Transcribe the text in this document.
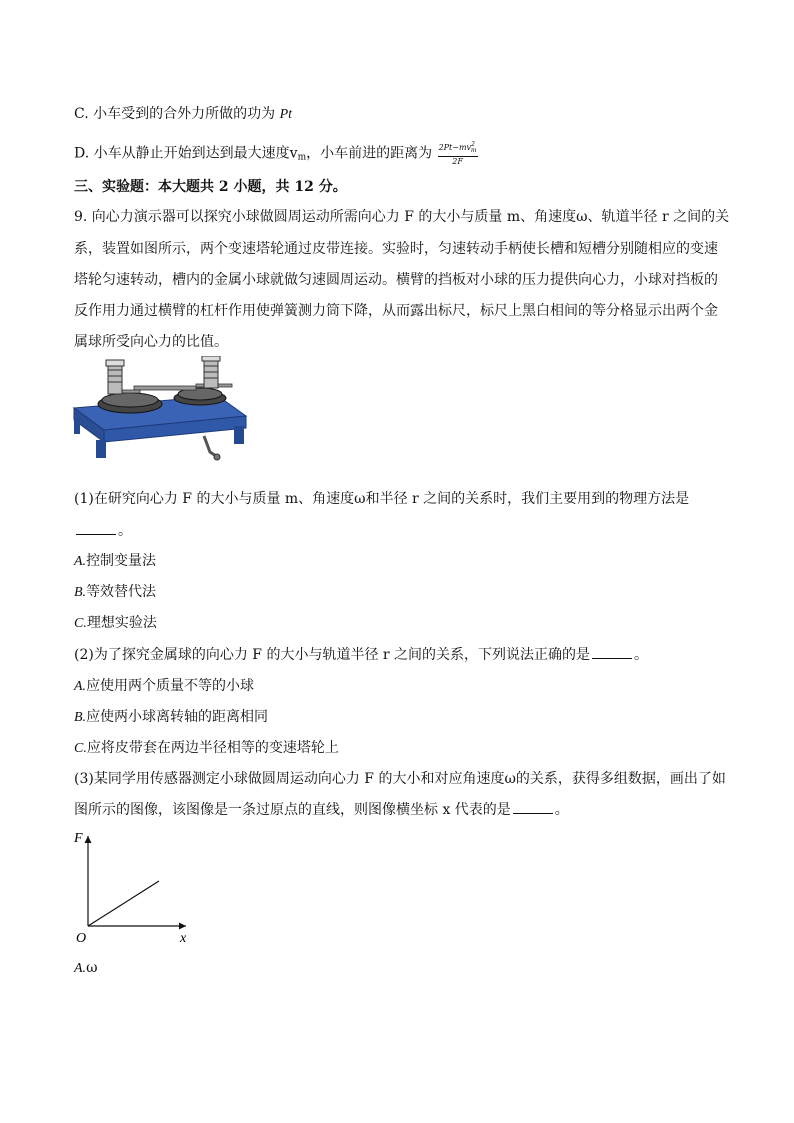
C. 小车受到的合外力所做的功为 Pt
D. 小车从静止开始到达到最大速度$v_m$，小车前进的距离为 $\frac{2Pt-mv^2_m}{2F}$
三、实验题：本大题共 2 小题，共 12 分。
9. 向心力演示器可以探究小球做圆周运动所需向心力 F 的大小与质量 m、角速度ω、轨道半径 r 之间的关
系，装置如图所示，两个变速塔轮通过皮带连接。实验时，匀速转动手柄使长槽和短槽分别随相应的变速
塔轮匀速转动，槽内的金属小球就做匀速圆周运动。横臂的挡板对小球的压力提供向心力，小球对挡板的
反作用力通过横臂的杠杆作用使弹簧测力筒下降，从而露出标尺，标尺上黑白相间的等分格显示出两个金
属球所受向心力的比值。
(1)在研究向心力 F 的大小与质量 m、角速度ω和半径 r 之间的关系时，我们主要用到的物理方法是
。
A.控制变量法
B.等效替代法
C.理想实验法
(2)为了探究金属球的向心力 F 的大小与轨道半径 r 之间的关系，下列说法正确的是	。
A.应使用两个质量不等的小球
B.应使两小球离转轴的距离相同
C.应将皮带套在两边半径相等的变速塔轮上
(3)某同学用传感器测定小球做圆周运动向心力 F 的大小和对应角速度ω的关系，获得多组数据，画出了如
图所示的图像，该图像是一条过原点的直线，则图像横坐标 x 代表的是	。
F
O	x
A.ω
